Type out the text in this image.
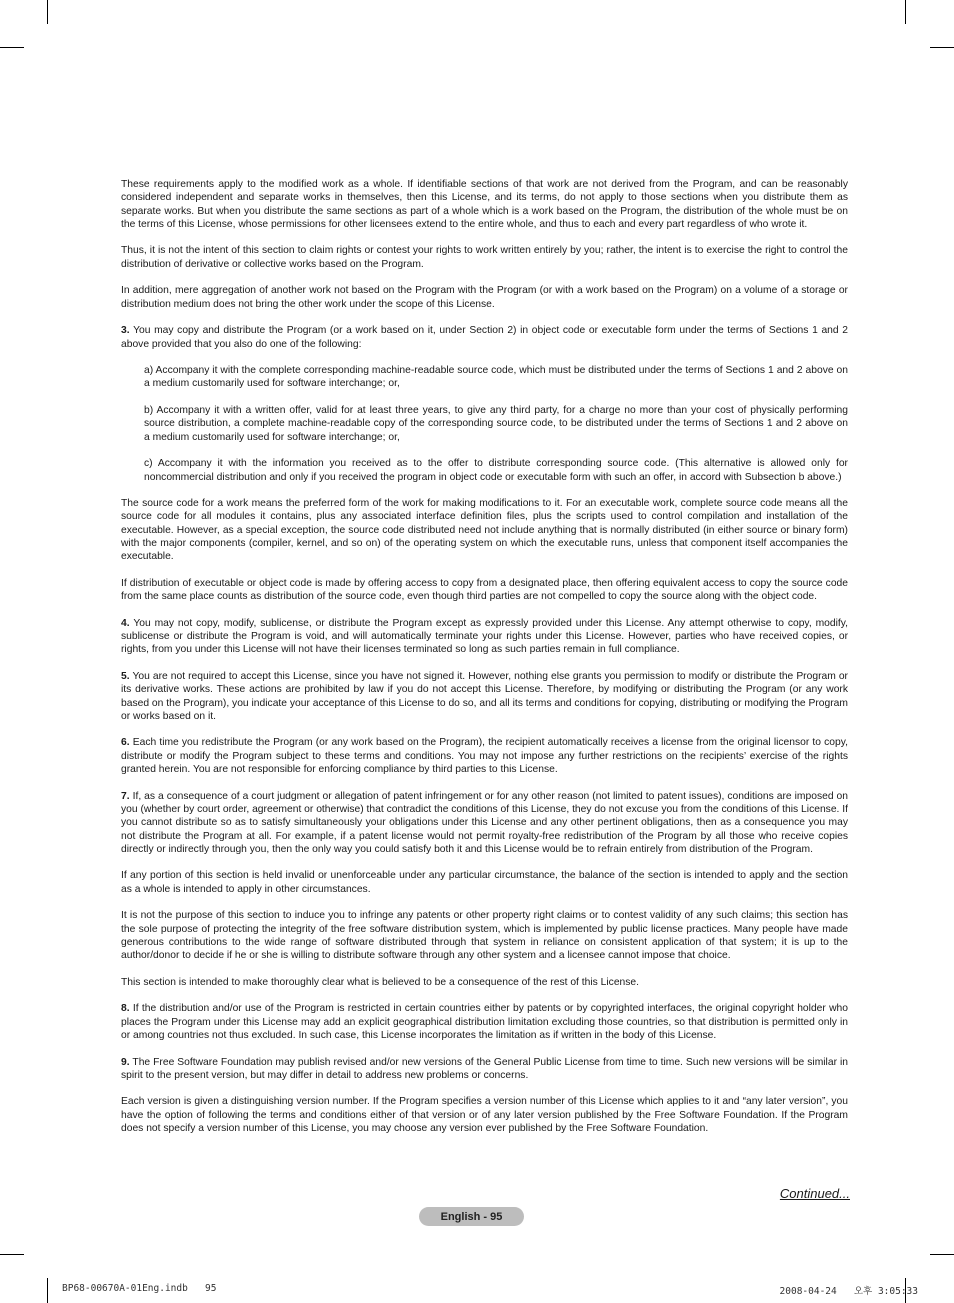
These requirements apply to the modified work as a whole. If identifiable sections of that work are not derived from the Program, and can be reasonably considered independent and separate works in themselves, then this License, and its terms, do not apply to those sections when you distribute them as separate works. But when you distribute the same sections as part of a whole which is a work based on the Program, the distribution of the whole must be on the terms of this License, whose permissions for other licensees extend to the entire whole, and thus to each and every part regardless of who wrote it.

Thus, it is not the intent of this section to claim rights or contest your rights to work written entirely by you; rather, the intent is to exercise the right to control the distribution of derivative or collective works based on the Program.

In addition, mere aggregation of another work not based on the Program with the Program (or with a work based on the Program) on a volume of a storage or distribution medium does not bring the other work under the scope of this License.

3. You may copy and distribute the Program (or a work based on it, under Section 2) in object code or executable form under the terms of Sections 1 and 2 above provided that you also do one of the following:

a) Accompany it with the complete corresponding machine-readable source code, which must be distributed under the terms of Sections 1 and 2 above on a medium customarily used for software interchange; or,

b) Accompany it with a written offer, valid for at least three years, to give any third party, for a charge no more than your cost of physically performing source distribution, a complete machine-readable copy of the corresponding source code, to be distributed under the terms of Sections 1 and 2 above on a medium customarily used for software interchange; or,

c) Accompany it with the information you received as to the offer to distribute corresponding source code. (This alternative is allowed only for noncommercial distribution and only if you received the program in object code or executable form with such an offer, in accord with Subsection b above.)

The source code for a work means the preferred form of the work for making modifications to it. For an executable work, complete source code means all the source code for all modules it contains, plus any associated interface definition files, plus the scripts used to control compilation and installation of the executable. However, as a special exception, the source code distributed need not include anything that is normally distributed (in either source or binary form) with the major components (compiler, kernel, and so on) of the operating system on which the executable runs, unless that component itself accompanies the executable.

If distribution of executable or object code is made by offering access to copy from a designated place, then offering equivalent access to copy the source code from the same place counts as distribution of the source code, even though third parties are not compelled to copy the source along with the object code.

4. You may not copy, modify, sublicense, or distribute the Program except as expressly provided under this License. Any attempt otherwise to copy, modify, sublicense or distribute the Program is void, and will automatically terminate your rights under this License. However, parties who have received copies, or rights, from you under this License will not have their licenses terminated so long as such parties remain in full compliance.

5. You are not required to accept this License, since you have not signed it. However, nothing else grants you permission to modify or distribute the Program or its derivative works. These actions are prohibited by law if you do not accept this License. Therefore, by modifying or distributing the Program (or any work based on the Program), you indicate your acceptance of this License to do so, and all its terms and conditions for copying, distributing or modifying the Program or works based on it.

6. Each time you redistribute the Program (or any work based on the Program), the recipient automatically receives a license from the original licensor to copy, distribute or modify the Program subject to these terms and conditions. You may not impose any further restrictions on the recipients’ exercise of the rights granted herein. You are not responsible for enforcing compliance by third parties to this License.

7. If, as a consequence of a court judgment or allegation of patent infringement or for any other reason (not limited to patent issues), conditions are imposed on you (whether by court order, agreement or otherwise) that contradict the conditions of this License, they do not excuse you from the conditions of this License. If you cannot distribute so as to satisfy simultaneously your obligations under this License and any other pertinent obligations, then as a consequence you may not distribute the Program at all. For example, if a patent license would not permit royalty-free redistribution of the Program by all those who receive copies directly or indirectly through you, then the only way you could satisfy both it and this License would be to refrain entirely from distribution of the Program.

If any portion of this section is held invalid or unenforceable under any particular circumstance, the balance of the section is intended to apply and the section as a whole is intended to apply in other circumstances.

It is not the purpose of this section to induce you to infringe any patents or other property right claims or to contest validity of any such claims; this section has the sole purpose of protecting the integrity of the free software distribution system, which is implemented by public license practices. Many people have made generous contributions to the wide range of software distributed through that system in reliance on consistent application of that system; it is up to the author/donor to decide if he or she is willing to distribute software through any other system and a licensee cannot impose that choice.

This section is intended to make thoroughly clear what is believed to be a consequence of the rest of this License.

8. If the distribution and/or use of the Program is restricted in certain countries either by patents or by copyrighted interfaces, the original copyright holder who places the Program under this License may add an explicit geographical distribution limitation excluding those countries, so that distribution is permitted only in or among countries not thus excluded. In such case, this License incorporates the limitation as if written in the body of this License.

9. The Free Software Foundation may publish revised and/or new versions of the General Public License from time to time. Such new versions will be similar in spirit to the present version, but may differ in detail to address new problems or concerns.

Each version is given a distinguishing version number. If the Program specifies a version number of this License which applies to it and “any later version”, you have the option of following the terms and conditions either of that version or of any later version published by the Free Software Foundation. If the Program does not specify a version number of this License, you may choose any version ever published by the Free Software Foundation.

Continued...
English - 95
BP68-00670A-01Eng.indb   95	2008-04-24   오후 3:05:33
